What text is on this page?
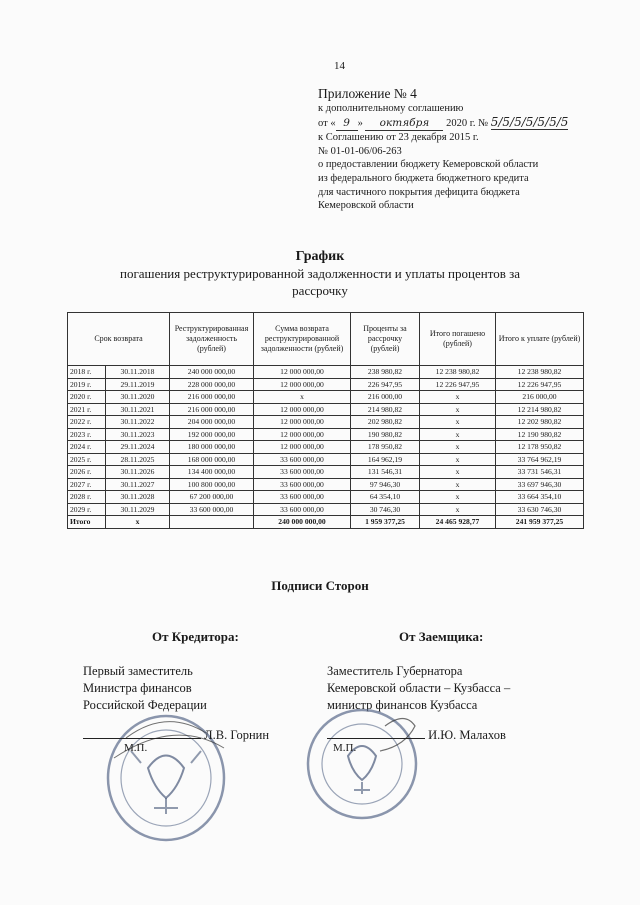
14
Приложение № 4
к дополнительному соглашению
от « 9 » октября 2020 г. № 5/5/5/5/5/5/5
к Соглашению от 23 декабря 2015 г.
№ 01-01-06/06-263
о предоставлении бюджету Кемеровской области
из федерального бюджета бюджетного кредита
для частичного покрытия дефицита бюджета
Кемеровской области
График
погашения реструктурированной задолженности и уплаты процентов за рассрочку
Срок возврата		Реструктурированная задолженность (рублей)	Сумма возврата реструктурированной задолженности (рублей)	Проценты за рассрочку (рублей)	Итого погашено (рублей)	Итого к уплате (рублей)
2018 г.	30.11.2018	240 000 000,00	12 000 000,00	238 980,82	12 238 980,82	12 238 980,82
2019 г.	29.11.2019	228 000 000,00	12 000 000,00	226 947,95	12 226 947,95	12 226 947,95
2020 г.	30.11.2020	216 000 000,00	x	216 000,00	x	216 000,00
2021 г.	30.11.2021	216 000 000,00	12 000 000,00	214 980,82	x	12 214 980,82
2022 г.	30.11.2022	204 000 000,00	12 000 000,00	202 980,82	x	12 202 980,82
2023 г.	30.11.2023	192 000 000,00	12 000 000,00	190 980,82	x	12 190 980,82
2024 г.	29.11.2024	180 000 000,00	12 000 000,00	178 950,82	x	12 178 950,82
2025 г.	28.11.2025	168 000 000,00	33 600 000,00	164 962,19	x	33 764 962,19
2026 г.	30.11.2026	134 400 000,00	33 600 000,00	131 546,31	x	33 731 546,31
2027 г.	30.11.2027	100 800 000,00	33 600 000,00	97 946,30	x	33 697 946,30
2028 г.	30.11.2028	67 200 000,00	33 600 000,00	64 354,10	x	33 664 354,10
2029 г.	30.11.2029	33 600 000,00	33 600 000,00	30 746,30	x	33 630 746,30
Итого	x		240 000 000,00	1 959 377,25	24 465 928,77	241 959 377,25
Подписи Сторон
От Кредитора:	От Заемщика:
Первый заместитель
Министра финансов
Российской Федерации
Заместитель Губернатора
Кемеровской области – Кузбасса –
министр финансов Кузбасса
Л.В. Горнин	И.Ю. Малахов
М.П.	М.П.
